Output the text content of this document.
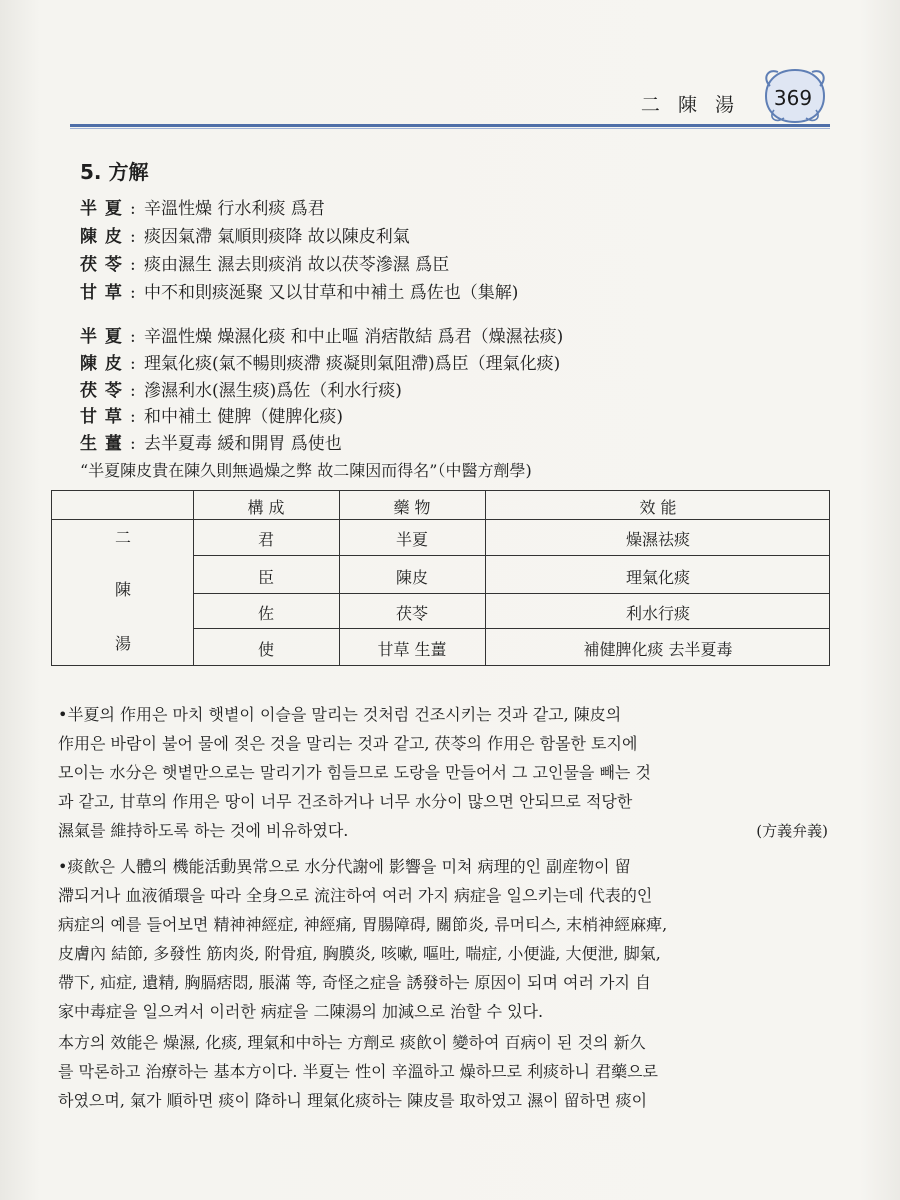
二 陳 湯	369
5. 方解
半 夏 : 辛溫性燥 行水利痰 爲君
陳 皮 : 痰因氣滯 氣順則痰降 故以陳皮利氣
茯 苓 : 痰由濕生 濕去則痰消 故以茯苓滲濕 爲臣
甘 草 : 中不和則痰涎聚 又以甘草和中補土 爲佐也（集解)
半 夏 : 辛溫性燥 燥濕化痰 和中止嘔 消痞散結 爲君（燥濕祛痰)
陳 皮 : 理氣化痰(氣不暢則痰滯 痰凝則氣阻滯)爲臣（理氣化痰)
茯 苓 : 滲濕利水(濕生痰)爲佐（利水行痰)
甘 草 : 和中補土 健脾（健脾化痰)
生 薑 : 去半夏毒 緩和開胃 爲使也
“半夏陳皮貴在陳久則無過燥之弊 故二陳因而得名”（中醫方劑學)
構 成	藥 物	效 能
二
陳
湯
君	半夏	燥濕祛痰
臣	陳皮	理氣化痰
佐	茯苓	利水行痰
使	甘草 生薑	補健脾化痰 去半夏毒
•半夏의 作用은 마치 햇볕이 이슬을 말리는 것처럼 건조시키는 것과 같고, 陳皮의
作用은 바람이 불어 물에 젖은 것을 말리는 것과 같고, 茯苓의 作用은 함몰한 토지에
모이는 水分은 햇볕만으로는 말리기가 힘들므로 도랑을 만들어서 그 고인물을 빼는 것
과 같고, 甘草의 作用은 땅이 너무 건조하거나 너무 水分이 많으면 안되므로 적당한
濕氣를 維持하도록 하는 것에 비유하였다.	(方義弁義)
•痰飮은 人體의 機能活動異常으로 水分代謝에 影響을 미쳐 病理的인 副産物이 留
滯되거나 血液循環을 따라 全身으로 流注하여 여러 가지 病症을 일으키는데 代表的인
病症의 예를 들어보면 精神神經症, 神經痛, 胃腸障碍, 關節炎, 류머티스, 末梢神經麻痺,
皮膚內 結節, 多發性 筋肉炎, 附骨疽, 胸膜炎, 咳嗽, 嘔吐, 喘症, 小便澁, 大便泄, 脚氣,
帶下, 疝症, 遺精, 胸膈痞悶, 脹滿 等, 奇怪之症을 誘發하는 原因이 되며 여러 가지 自
家中毒症을 일으켜서 이러한 病症을 二陳湯의 加減으로 治할 수 있다.
本方의 效能은 燥濕, 化痰, 理氣和中하는 方劑로 痰飮이 變하여 百病이 된 것의 新久
를 막론하고 治療하는 基本方이다. 半夏는 性이 辛溫하고 燥하므로 利痰하니 君藥으로
하였으며, 氣가 順하면 痰이 降하니 理氣化痰하는 陳皮를 取하였고 濕이 留하면 痰이
